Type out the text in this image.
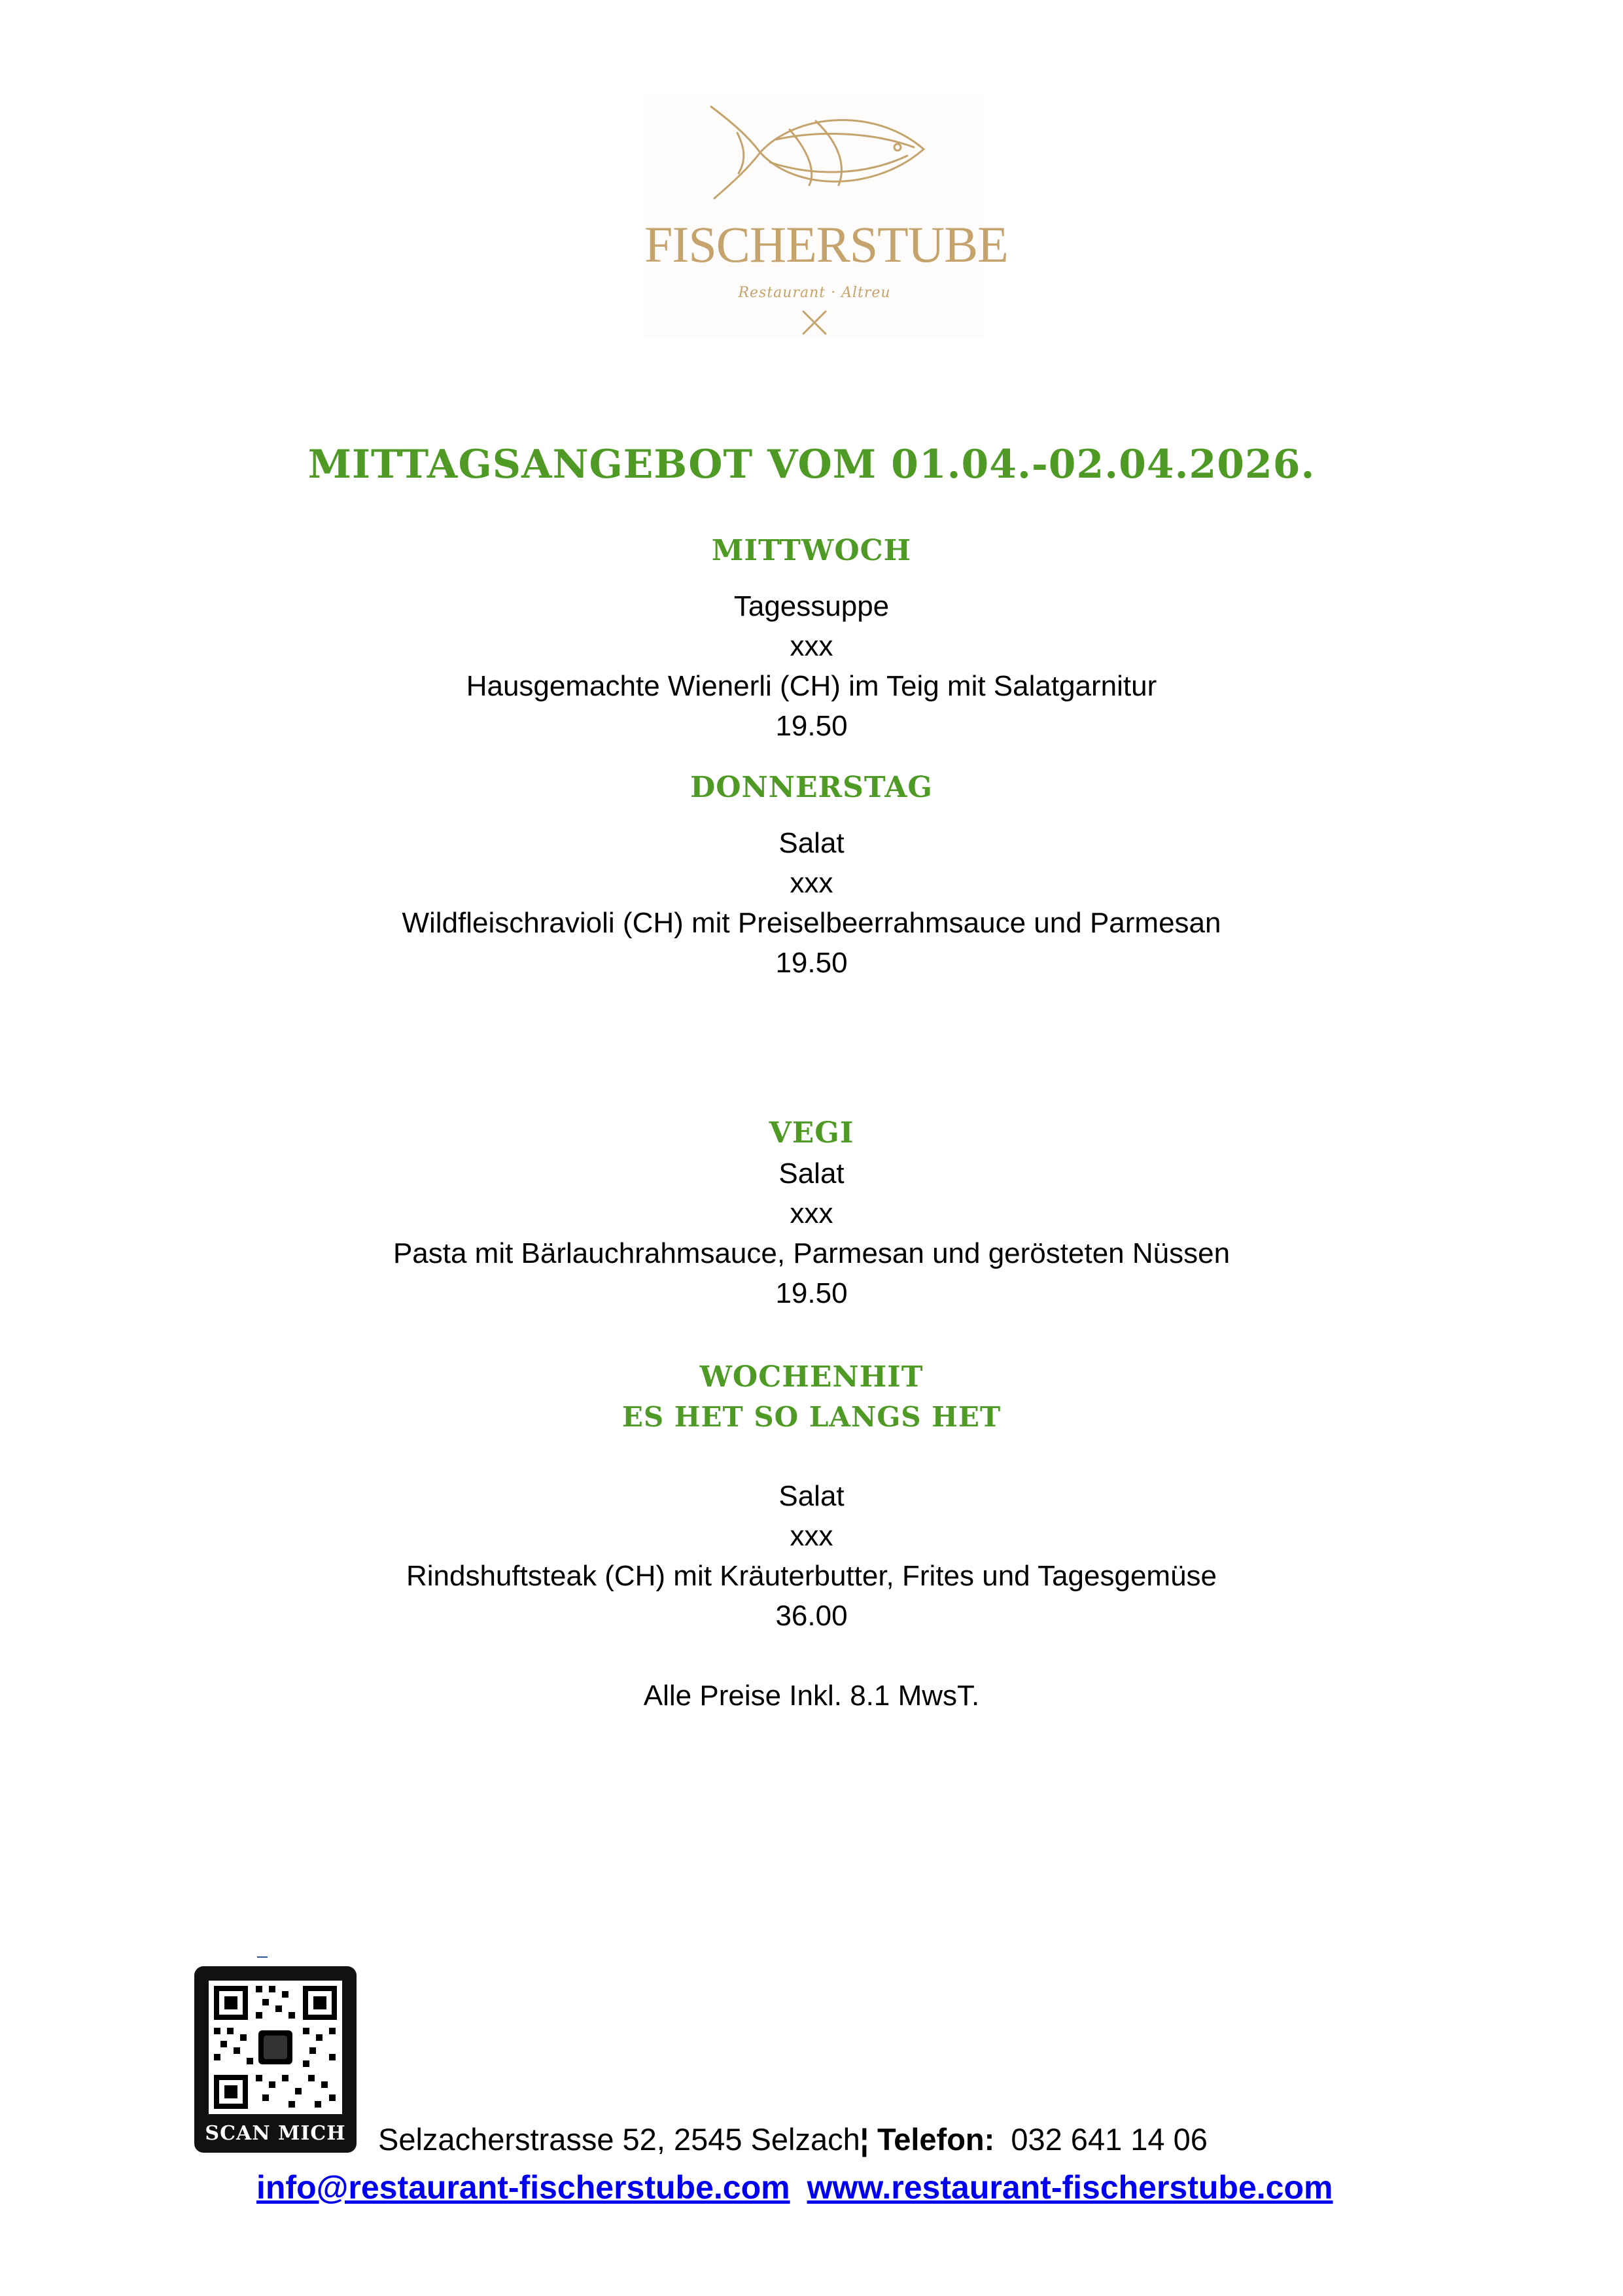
FISCHERSTUBE
Restaurant · Altreu
MITTAGSANGEBOT VOM 01.04.-02.04.2026.
MITTWOCH
Tagessuppe
xxx
Hausgemachte Wienerli (CH) im Teig mit Salatgarnitur
19.50
DONNERSTAG
Salat
xxx
Wildfleischravioli (CH) mit Preiselbeerrahmsauce und Parmesan
19.50
VEGI
Salat
xxx
Pasta mit Bärlauchrahmsauce, Parmesan und gerösteten Nüssen
19.50
WOCHENHIT
ES HET SO LANGS HET
Salat
xxx
Rindshuftsteak (CH) mit Kräuterbutter, Frites und Tagesgemüse
36.00
Alle Preise Inkl. 8.1 MwsT.
SCAN MICH	Selzacherstrasse 52, 2545 Selzach¦ Telefon: 032 641 14 06
info@restaurant-fischerstube.com www.restaurant-fischerstube.com
